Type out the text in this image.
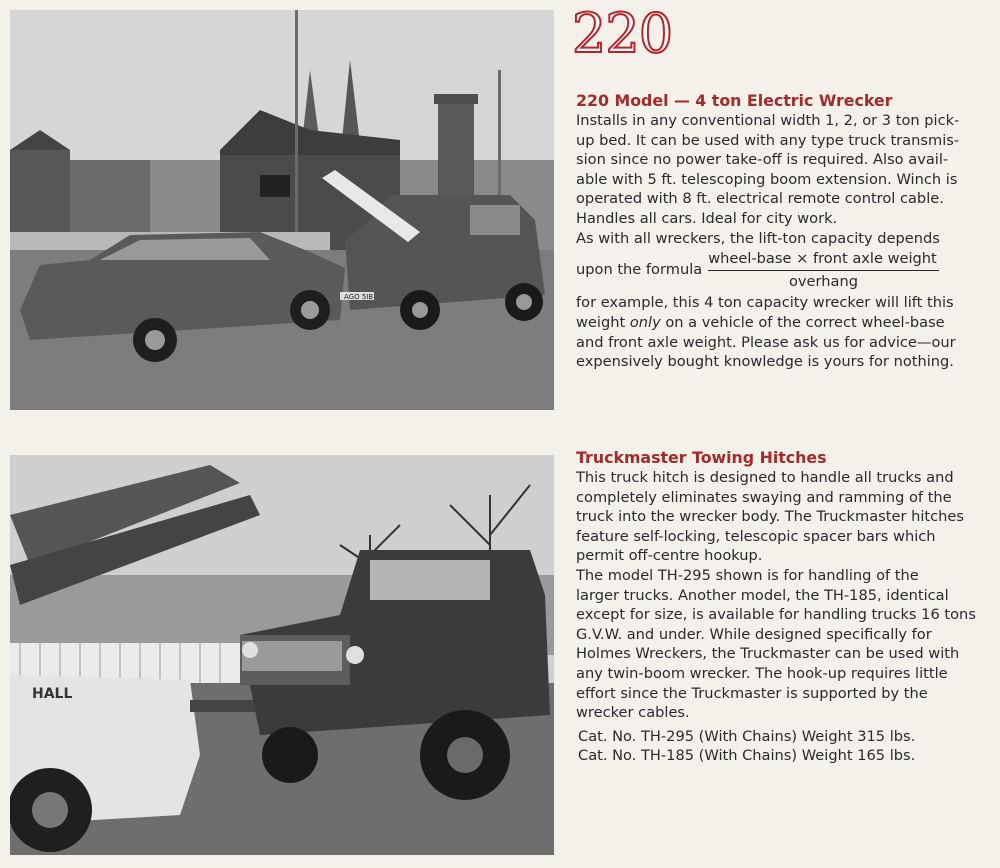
AGO 5IB
HALL
220
220 Model — 4 ton Electric Wrecker

Installs in any conventional width 1, 2, or 3 ton pick-

up bed. It can be used with any type truck transmis-

sion since no power take-off is required. Also avail-

able with 5 ft. telescoping boom extension. Winch is

operated with 8 ft. electrical remote control cable.

Handles all cars. Ideal for city work.

As with all wreckers, the lift-ton capacity depends

upon the formula $\frac{\text{wheel-base × front axle weight}}{\text{overhang}}$

for example, this 4 ton capacity wrecker will lift this

weight only on a vehicle of the correct wheel-base

and front axle weight. Please ask us for advice—our

expensively bought knowledge is yours for nothing.

Truckmaster Towing Hitches

This truck hitch is designed to handle all trucks and

completely eliminates swaying and ramming of the

truck into the wrecker body. The Truckmaster hitches

feature self-locking, telescopic spacer bars which

permit off-centre hookup.

The model TH-295 shown is for handling of the

larger trucks. Another model, the TH-185, identical

except for size, is available for handling trucks 16 tons

G.V.W. and under. While designed specifically for

Holmes Wreckers, the Truckmaster can be used with

any twin-boom wrecker. The hook-up requires little

effort since the Truckmaster is supported by the

wrecker cables.

Cat. No. TH-295 (With Chains) Weight 315 lbs.
Cat. No. TH-185 (With Chains) Weight 165 lbs.
